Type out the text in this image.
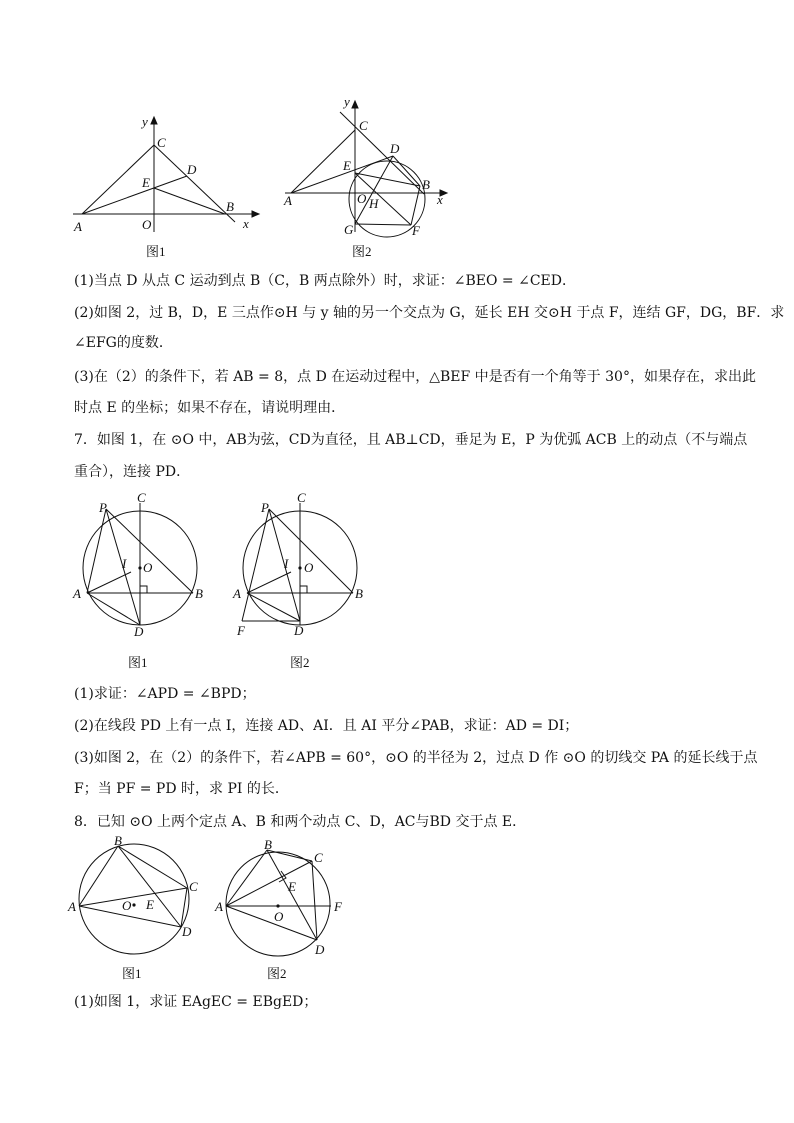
y
C
D
E
O
A
B
x
图1
y
C
D
E
B
O H	x
A
G	F
图2
(1)当点 D 从点 C 运动到点 B（C，B 两点除外）时，求证：∠BEO = ∠CED．
(2)如图 2，过 B，D，E 三点作⊙H 与 y 轴的另一个交点为 G，延长 EH 交⊙H 于点 F，连结 GF，DG，BF．求
∠EFG的度数．
(3)在（2）的条件下，若 AB = 8，点 D 在运动过程中，△BEF 中是否有一个角等于 30°，如果存在，求出此
时点 E 的坐标；如果不存在，请说明理由．
7．如图 1，在 ⊙O 中，AB为弦，CD为直径，且 AB⊥CD，垂足为 E，P 为优弧 ACB 上的动点（不与端点
重合），连接 PD．
P
C
I O
A	B
D
图1
P
C
I O
A	B
F	D
图2
(1)求证：∠APD = ∠BPD；
(2)在线段 PD 上有一点 I，连接 AD、AI．且 AI 平分∠PAB，求证：AD = DI；
(3)如图 2，在（2）的条件下，若∠APB = 60°，⊙O 的半径为 2，过点 D 作 ⊙O 的切线交 PA 的延长线于点
F；当 PF = PD 时，求 PI 的长．
8．已知 ⊙O 上两个定点 A、B 和两个动点 C、D，AC与BD 交于点 E．
B
C
A	O E
D
图1
B
C
E
A
O
F
D
图2
(1)如图 1，求证 EAgEC = EBgED；
